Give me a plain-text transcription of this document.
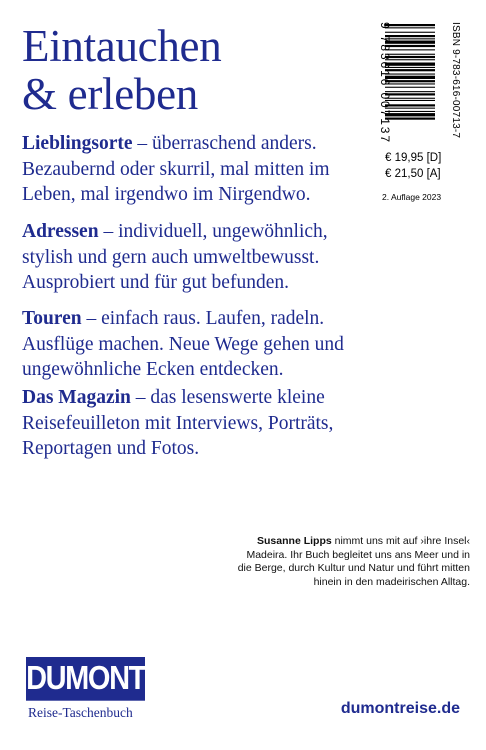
Eintauchen
& erleben
Lieblingsorte – überraschend anders. Bezaubernd oder skurril, mal mitten im Leben, mal irgendwo im Nirgendwo.
Adressen – individuell, ungewöhnlich, stylish und gern auch umweltbewusst. Ausprobiert und für gut befunden.
Touren – einfach raus. Laufen, radeln. Ausflüge machen. Neue Wege gehen und ungewöhnliche Ecken entdecken.
Das Magazin – das lesenswerte kleine Reisefeuilleton mit Interviews, Porträts, Reportagen und Fotos.
ISBN 9-783-616-00713-7
9 783616 007137
€ 19,95 [D]
€ 21,50 [A]
2. Auflage 2023
Susanne Lipps nimmt uns mit auf ›ihre Insel‹ Madeira. Ihr Buch begleitet uns ans Meer und in die Berge, durch Kultur und Natur und führt mitten hinein in den madeirischen Alltag.
DUMONT
Reise-Taschenbuch	dumontreise.de
